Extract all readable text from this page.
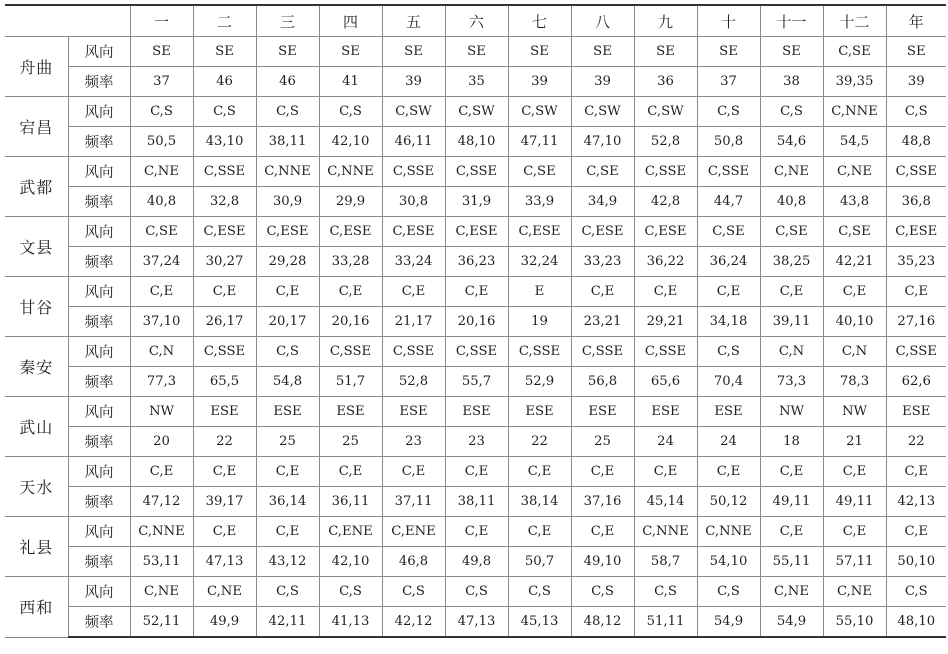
		一	二	三	四	五	六	七	八	九	十	十一	十二	年
舟曲	风向	SE	SE	SE	SE	SE	SE	SE	SE	SE	SE	SE	C,SE	SE
	频率	37	46	46	41	39	35	39	39	36	37	38	39,35	39
宕昌	风向	C,S	C,S	C,S	C,S	C,SW	C,SW	C,SW	C,SW	C,SW	C,S	C,S	C,NNE	C,S
	频率	50,5	43,10	38,11	42,10	46,11	48,10	47,11	47,10	52,8	50,8	54,6	54,5	48,8
武都	风向	C,NE	C,SSE	C,NNE	C,NNE	C,SSE	C,SSE	C,SE	C,SE	C,SSE	C,SSE	C,NE	C,NE	C,SSE
	频率	40,8	32,8	30,9	29,9	30,8	31,9	33,9	34,9	42,8	44,7	40,8	43,8	36,8
文县	风向	C,SE	C,ESE	C,ESE	C,ESE	C,ESE	C,ESE	C,ESE	C,ESE	C,ESE	C,SE	C,SE	C,SE	C,ESE
	频率	37,24	30,27	29,28	33,28	33,24	36,23	32,24	33,23	36,22	36,24	38,25	42,21	35,23
甘谷	风向	C,E	C,E	C,E	C,E	C,E	C,E	E	C,E	C,E	C,E	C,E	C,E	C,E
	频率	37,10	26,17	20,17	20,16	21,17	20,16	19	23,21	29,21	34,18	39,11	40,10	27,16
秦安	风向	C,N	C,SSE	C,S	C,SSE	C,SSE	C,SSE	C,SSE	C,SSE	C,SSE	C,S	C,N	C,N	C,SSE
	频率	77,3	65,5	54,8	51,7	52,8	55,7	52,9	56,8	65,6	70,4	73,3	78,3	62,6
武山	风向	NW	ESE	ESE	ESE	ESE	ESE	ESE	ESE	ESE	ESE	NW	NW	ESE
	频率	20	22	25	25	23	23	22	25	24	24	18	21	22
天水	风向	C,E	C,E	C,E	C,E	C,E	C,E	C,E	C,E	C,E	C,E	C,E	C,E	C,E
	频率	47,12	39,17	36,14	36,11	37,11	38,11	38,14	37,16	45,14	50,12	49,11	49,11	42,13
礼县	风向	C,NNE	C,E	C,E	C,ENE	C,ENE	C,E	C,E	C,E	C,NNE	C,NNE	C,E	C,E	C,E
	频率	53,11	47,13	43,12	42,10	46,8	49,8	50,7	49,10	58,7	54,10	55,11	57,11	50,10
西和	风向	C,NE	C,NE	C,S	C,S	C,S	C,S	C,S	C,S	C,S	C,S	C,NE	C,NE	C,S
	频率	52,11	49,9	42,11	41,13	42,12	47,13	45,13	48,12	51,11	54,9	54,9	55,10	48,10
